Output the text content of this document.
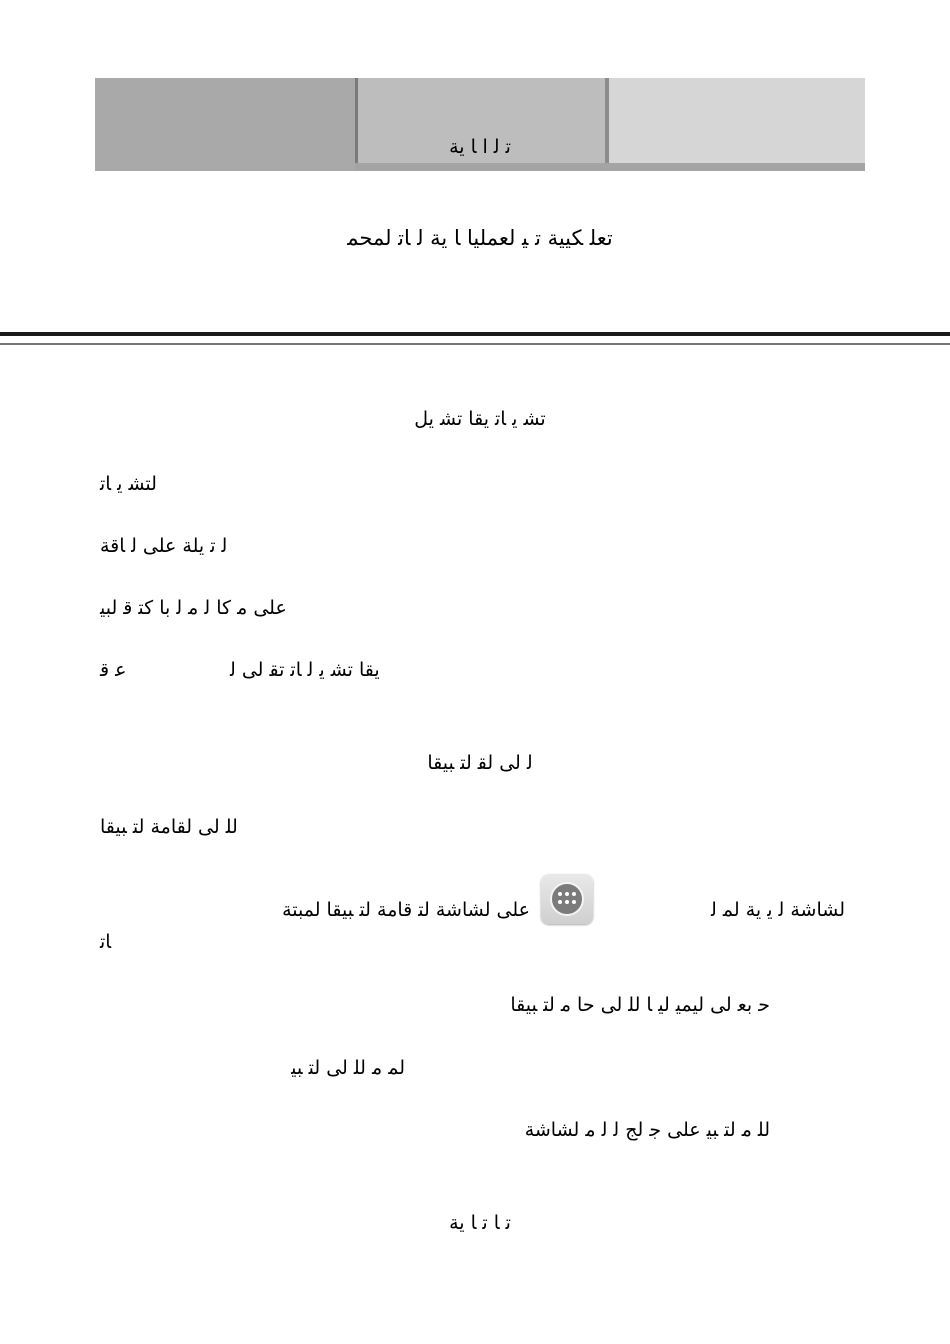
ﺗ ﻟ ا ﺎ ﻳﺔ
ﺗﻌﻠ ﻜﻴﻴﺔ ﺗ ﻴ ﻟﻌﻤﻠﻴﺎ ﺎ ﻳﺔ ﻟ ﺎﺗ ﻟﻤﺤﻤ
ﺗﺸ ﻳ ﺎﺗ ﻳﻘﺎ ﺗﺸ ﻳﻞ
ﻟﺘﺸ ﻳ ﺎﺗ
ﻟ ﺗ ﻳﻠﺔ ﻋﻠﻰ ﻟ ﺎﻗﺔ
ﻋﻠﻰ ﻣ ﻛﺎ ﻟ ﻣ ﻟ ﺑﺎ ﻛﺘ ﻗ ﻟﺒﻴ
ﻳﻘﺎ ﺗﺸ ﻳ ﻟ ﺎﺗ ﺗﻘ ﻟﻰ ﻟ
ﻋ ﻗ
ﻟ ﻟﻰ ﻟﻘ ﻟﺘ ﺒﻴﻘﺎ
ﻟﻠ ﻟﻰ ﻟﻘﺎﻣﺔ ﻟﺘ ﺒﻴﻘﺎ
ﻟﺸﺎﺷﺔ ﻟ ﻳ ﻳﺔ ﻟﻤ ﻟ
ﻋﻠﻰ ﻟﺸﺎﺷﺔ ﻟﺘ ﻗﺎﻣﺔ ﻟﺘ ﺒﻴﻘﺎ ﻟﻤﺒﺘﺔ
ﺎﺗ
ﺣ ﺑﻌ ﻟﻰ ﻟﻴﻤﻴ ﻟﻴ ﺎ ﻟﻠ ﻟﻰ ﺣﺎ ﻣ ﻟﺘ ﺒﻴﻘﺎ
ﻟﻤ ﻣ ﻟﻠ ﻟﻰ ﻟﺘ ﺒﻴ
ﻟﻠ ﻣ ﻟﺘ ﺒﻴ ﻋﻠﻰ ﺟ ﻟﺞ ﻟ ﻟ ﻣ ﻟﺸﺎﺷﺔ
ﺗ ﺎ ﺗ ﺎ ﻳﺔ
